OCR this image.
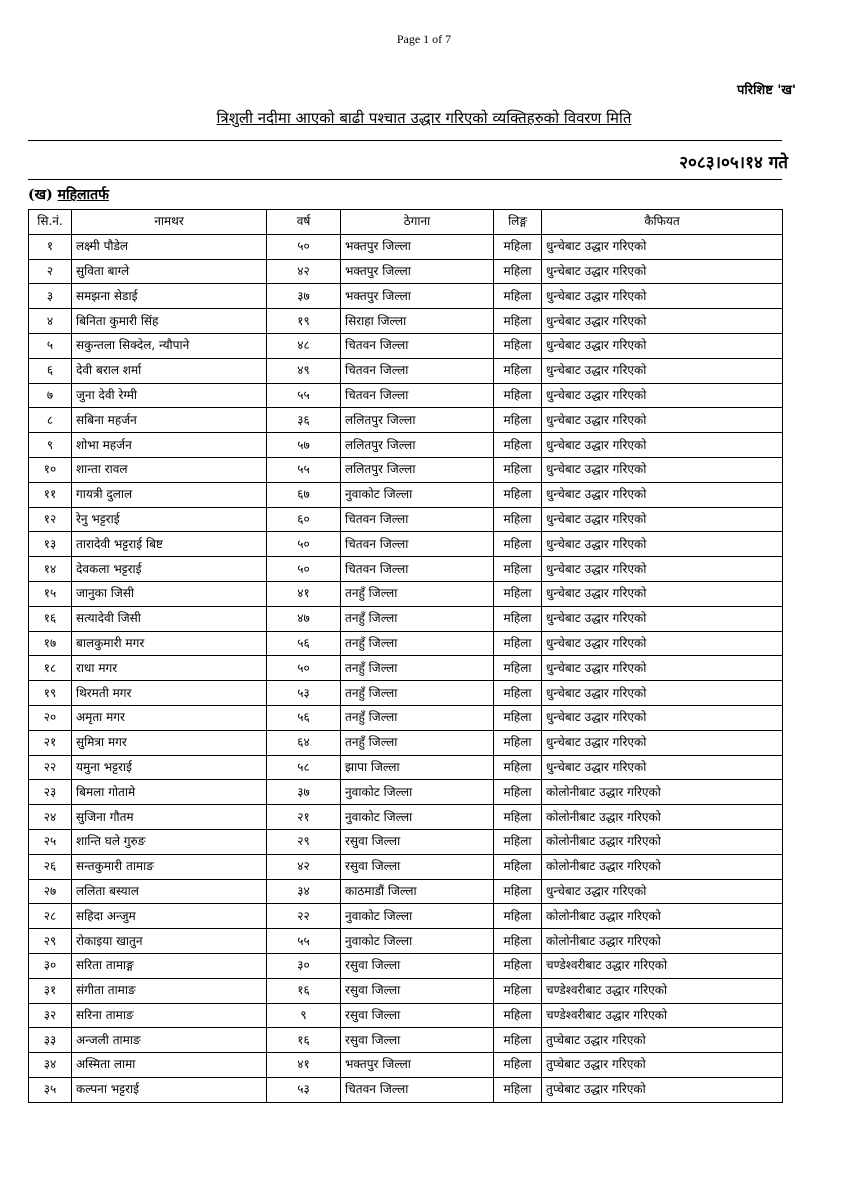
Page 1 of 7
परिशिष्ट 'ख'
त्रिशुली नदीमा आएको बाढी पश्चात उद्धार गरिएको व्यक्तिहरुको विवरण मिति
२०८३।०५।१४ गते
(ख) महिलातर्फ
सि.नं.	नामथर	वर्ष	ठेगाना	लिङ्ग	कैफियत
१	लक्ष्मी पौडेल	५०	भक्तपुर जिल्ला	महिला	धुन्चेबाट उद्धार गरिएको
२	सुविता बाग्ले	४२	भक्तपुर जिल्ला	महिला	धुन्चेबाट उद्धार गरिएको
३	समझना सेडाई	३७	भक्तपुर जिल्ला	महिला	धुन्चेबाट उद्धार गरिएको
४	बिनिता कुमारी सिंह	१९	सिराहा जिल्ला	महिला	धुन्चेबाट उद्धार गरिएको
५	सकुन्तला सिक्देल, न्यौपाने	४८	चितवन जिल्ला	महिला	धुन्चेबाट उद्धार गरिएको
६	देवी बराल शर्मा	४९	चितवन जिल्ला	महिला	धुन्चेबाट उद्धार गरिएको
७	जुना देवी रेग्मी	५५	चितवन जिल्ला	महिला	धुन्चेबाट उद्धार गरिएको
८	सबिना महर्जन	३६	ललितपुर जिल्ला	महिला	धुन्चेबाट उद्धार गरिएको
९	शोभा महर्जन	५७	ललितपुर जिल्ला	महिला	धुन्चेबाट उद्धार गरिएको
१०	शान्ता रावल	५५	ललितपुर जिल्ला	महिला	धुन्चेबाट उद्धार गरिएको
११	गायत्री दुलाल	६७	नुवाकोट जिल्ला	महिला	धुन्चेबाट उद्धार गरिएको
१२	रेनु भट्टराई	६०	चितवन जिल्ला	महिला	धुन्चेबाट उद्धार गरिएको
१३	तारादेवी भट्टराई बिष्ट	५०	चितवन जिल्ला	महिला	धुन्चेबाट उद्धार गरिएको
१४	देवकला भट्टराई	५०	चितवन जिल्ला	महिला	धुन्चेबाट उद्धार गरिएको
१५	जानुका जिसी	४१	तनहुँ जिल्ला	महिला	धुन्चेबाट उद्धार गरिएको
१६	सत्यादेवी जिसी	४७	तनहुँ जिल्ला	महिला	धुन्चेबाट उद्धार गरिएको
१७	बालकुमारी मगर	५६	तनहुँ जिल्ला	महिला	धुन्चेबाट उद्धार गरिएको
१८	राधा मगर	५०	तनहुँ जिल्ला	महिला	धुन्चेबाट उद्धार गरिएको
१९	थिरमती मगर	५३	तनहुँ जिल्ला	महिला	धुन्चेबाट उद्धार गरिएको
२०	अमृता मगर	५६	तनहुँ जिल्ला	महिला	धुन्चेबाट उद्धार गरिएको
२१	सुमित्रा मगर	६४	तनहुँ जिल्ला	महिला	धुन्चेबाट उद्धार गरिएको
२२	यमुना भट्टराई	५८	झापा जिल्ला	महिला	धुन्चेबाट उद्धार गरिएको
२३	बिमला गोतामे	३७	नुवाकोट जिल्ला	महिला	कोलोनीबाट उद्धार गरिएको
२४	सुजिना गौतम	२१	नुवाकोट जिल्ला	महिला	कोलोनीबाट उद्धार गरिएको
२५	शान्ति घले गुरुङ	२९	रसुवा जिल्ला	महिला	कोलोनीबाट उद्धार गरिएको
२६	सन्तकुमारी तामाङ	४२	रसुवा जिल्ला	महिला	कोलोनीबाट उद्धार गरिएको
२७	ललिता बस्याल	३४	काठमाडौं जिल्ला	महिला	धुन्चेबाट उद्धार गरिएको
२८	सहिदा अन्जुम	२२	नुवाकोट जिल्ला	महिला	कोलोनीबाट उद्धार गरिएको
२९	रोकाइया खातुन	५५	नुवाकोट जिल्ला	महिला	कोलोनीबाट उद्धार गरिएको
३०	सरिता तामाङ्ग	३०	रसुवा जिल्ला	महिला	चण्डेश्वरीबाट उद्धार गरिएको
३१	संगीता तामाङ	१६	रसुवा जिल्ला	महिला	चण्डेश्वरीबाट उद्धार गरिएको
३२	सरिना तामाङ	९	रसुवा जिल्ला	महिला	चण्डेश्वरीबाट उद्धार गरिएको
३३	अन्जली तामाङ	१६	रसुवा जिल्ला	महिला	तुप्चेबाट उद्धार गरिएको
३४	अस्मिता लामा	४१	भक्तपुर जिल्ला	महिला	तुप्चेबाट उद्धार गरिएको
३५	कल्पना भट्टराई	५३	चितवन जिल्ला	महिला	तुप्चेबाट उद्धार गरिएको
